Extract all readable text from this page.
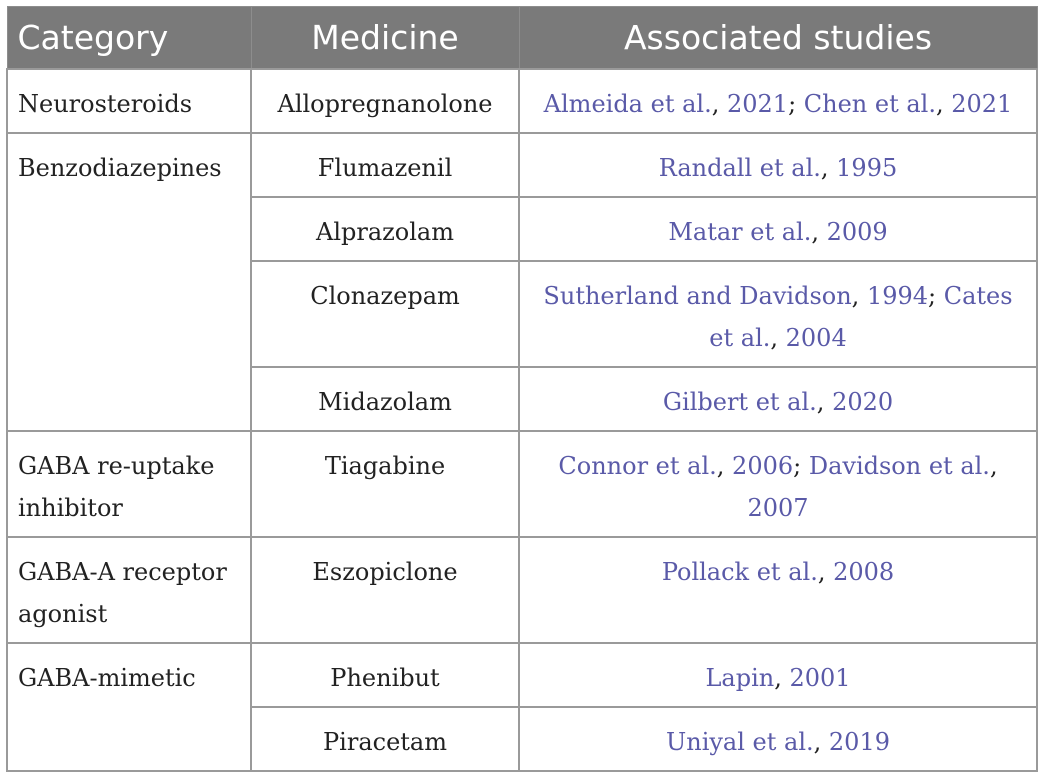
Category	Medicine	Associated studies
Neurosteroids	Allopregnanolone	Almeida et al., 2021; Chen et al., 2021
Benzodiazepines	Flumazenil	Randall et al., 1995
	Alprazolam	Matar et al., 2009
	Clonazepam	Sutherland and Davidson, 1994; Cates et al., 2004
	Midazolam	Gilbert et al., 2020
GABA re-uptake inhibitor	Tiagabine	Connor et al., 2006; Davidson et al., 2007
GABA-A receptor agonist	Eszopiclone	Pollack et al., 2008
GABA-mimetic	Phenibut	Lapin, 2001
	Piracetam	Uniyal et al., 2019
